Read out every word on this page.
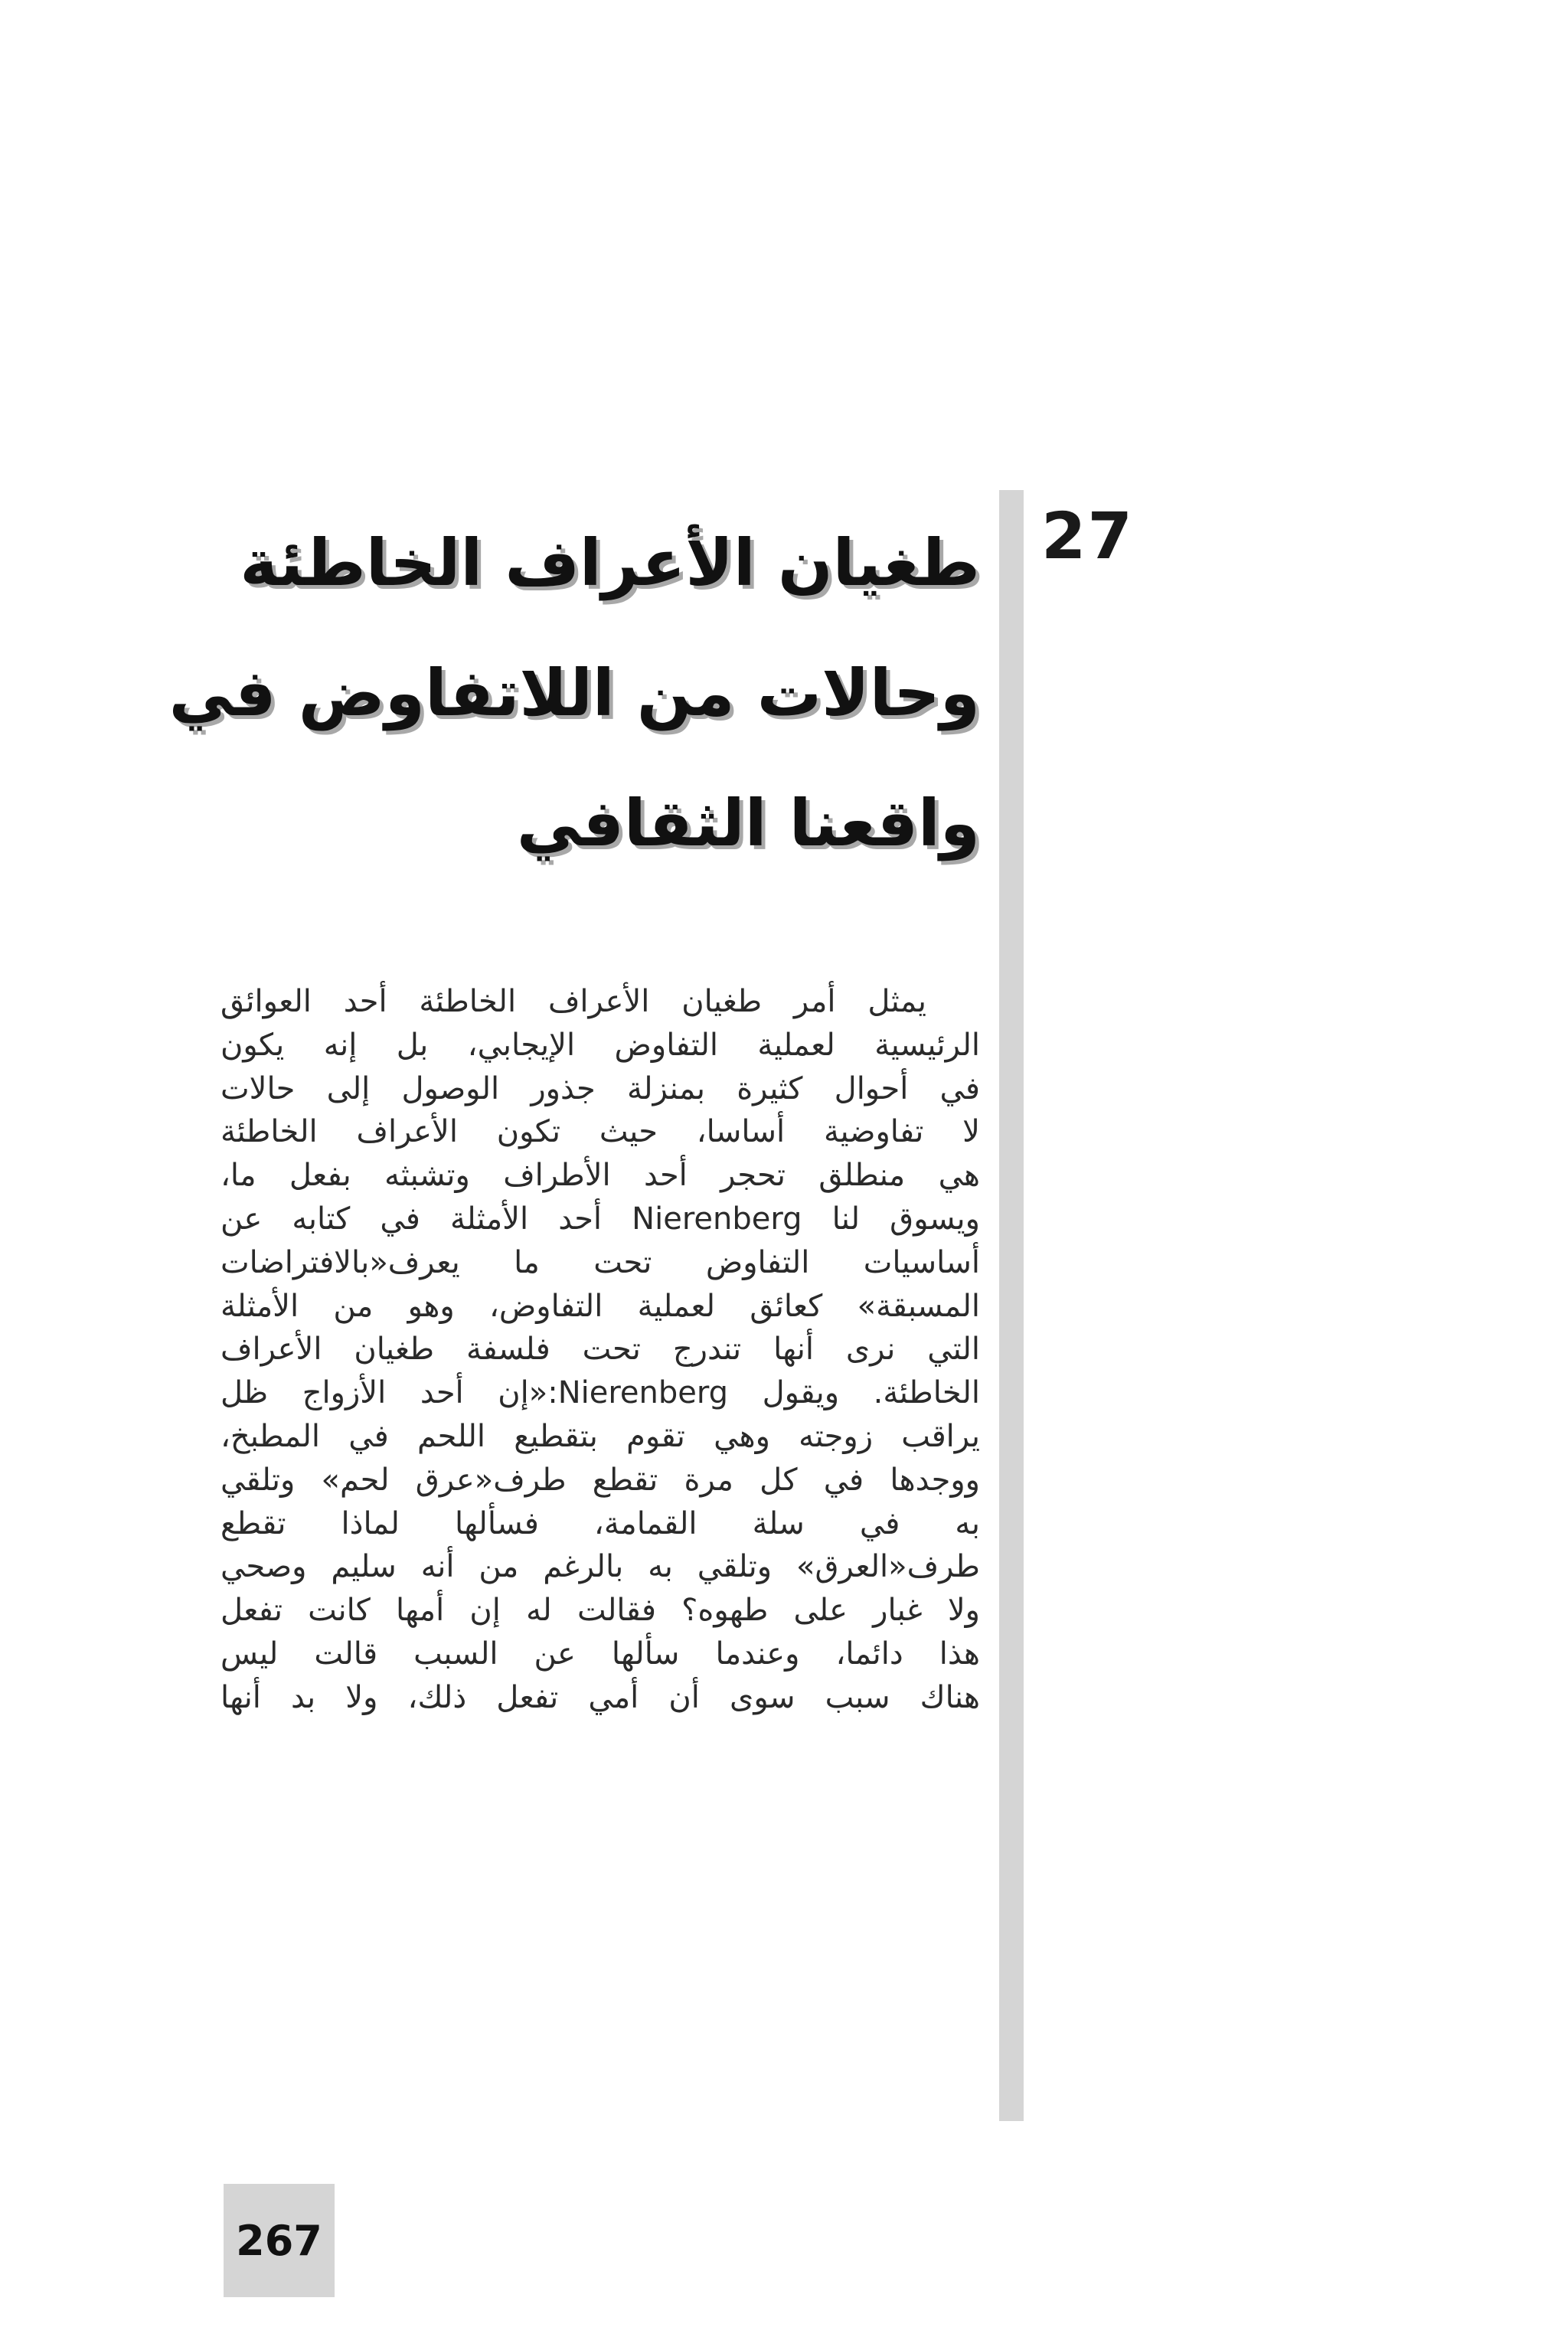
27
طغيان الأعراف الخاطئة
وحالات من اللاتفاوض في
واقعنا الثقافي
يمثل أمر طغيان الأعراف الخاطئة أحد العوائق
الرئيسية لعملية التفاوض الإيجابي، بل إنه يكون
في أحوال كثيرة بمنزلة جذور الوصول إلى حالات
لا تفاوضية أساسا، حيث تكون الأعراف الخاطئة
هي منطلق تحجر أحد الأطراف وتشبثه بفعل ما،
ويسوق لنا Nierenberg أحد الأمثلة في كتابه عن
أساسيات التفاوض تحت ما يعرف«بالافتراضات
المسبقة» كعائق لعملية التفاوض، وهو من الأمثلة
التي نرى أنها تندرج تحت فلسفة طغيان الأعراف
الخاطئة. ويقول Nierenberg:«إن أحد الأزواج ظل
يراقب زوجته وهي تقوم بتقطيع اللحم في المطبخ،
ووجدها في كل مرة تقطع طرف«عرق لحم» وتلقي
به في سلة القمامة، فسألها لماذا تقطع
طرف«العرق» وتلقي به بالرغم من أنه سليم وصحي
ولا غبار على طهوه؟ فقالت له إن أمها كانت تفعل
هذا دائما، وعندما سألها عن السبب قالت ليس
هناك سبب سوى أن أمي تفعل ذلك، ولا بد أنها
267
